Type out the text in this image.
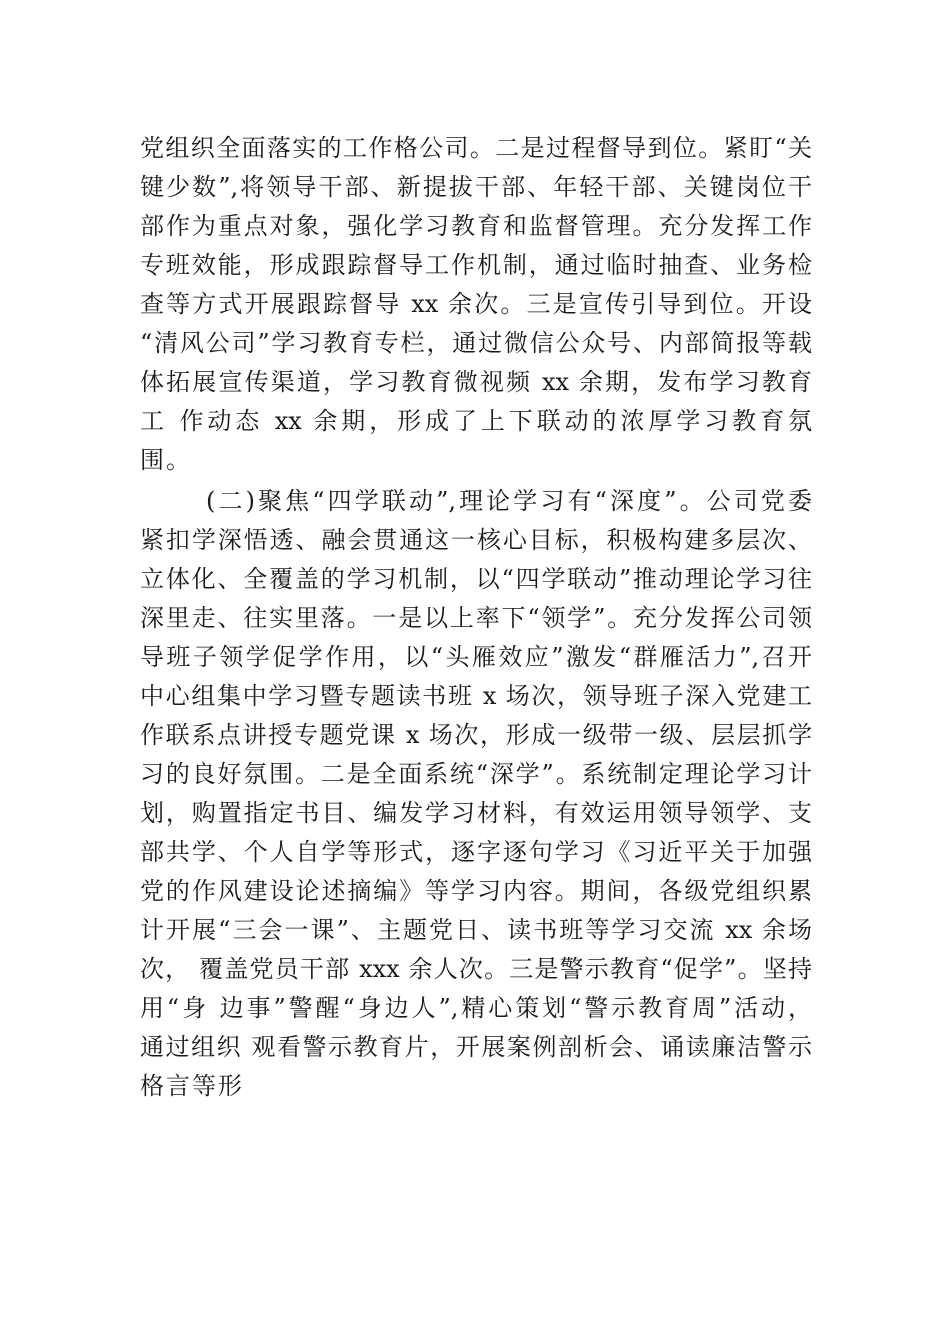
党组织全面落实的工作格公司。二是过程督导到位。紧盯“关
键少数”,将领导干部、新提拔干部、年轻干部、关键岗位干
部作为重点对象，强化学习教育和监督管理。充分发挥工作
专班效能，形成跟踪督导工作机制，通过临时抽查、业务检
查等方式开展跟踪督导 xx 余次。三是宣传引导到位。开设
“清风公司”学习教育专栏，通过微信公众号、内部简报等载
体拓展宣传渠道，学习教育微视频 xx 余期，发布学习教育
工 作动态 xx 余期，形成了上下联动的浓厚学习教育氛
围。
(二)聚焦“四学联动”,理论学习有“深度”。公司党委
紧扣学深悟透、融会贯通这一核心目标，积极构建多层次、
立体化、全覆盖的学习机制，以“四学联动”推动理论学习往
深里走、往实里落。一是以上率下“领学”。充分发挥公司领
导班子领学促学作用，以“头雁效应”激发“群雁活力”,召开
中心组集中学习暨专题读书班 x 场次，领导班子深入党建工
作联系点讲授专题党课 x 场次，形成一级带一级、层层抓学
习的良好氛围。二是全面系统“深学”。系统制定理论学习计
划，购置指定书目、编发学习材料，有效运用领导领学、支
部共学、个人自学等形式，逐字逐句学习《习近平关于加强
党的作风建设论述摘编》等学习内容。期间，各级党组织累
计开展“三会一课”、主题党日、读书班等学习交流 xx 余场
次， 覆盖党员干部 xxx 余人次。三是警示教育“促学”。坚持
用“身 边事”警醒“身边人”,精心策划“警示教育周”活动，
通过组织 观看警示教育片，开展案例剖析会、诵读廉洁警示
格言等形
